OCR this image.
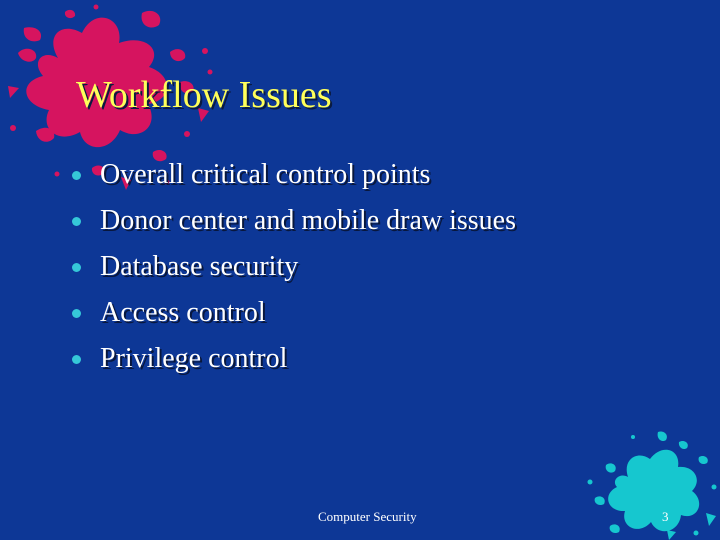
Workflow Issues
Overall critical control points
Donor center and mobile draw issues
Database security
Access control
Privilege control
Computer Security	3
